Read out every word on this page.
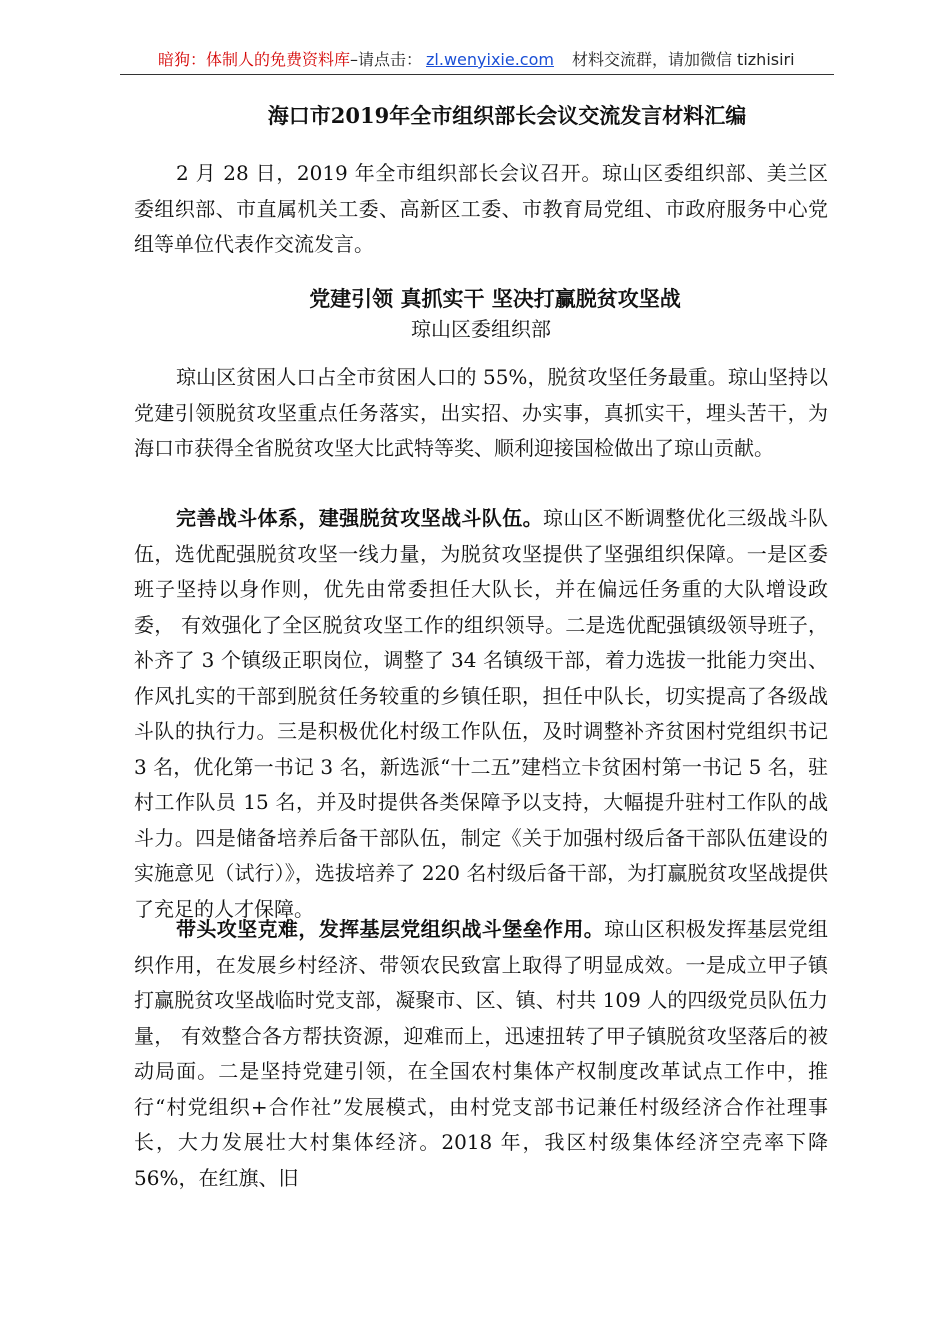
暗狗：体制人的免费资料库–请点击： zl.wenyixie.com 材料交流群，请加微信 tizhisiri
海口市2019年全市组织部长会议交流发言材料汇编

2 月 28 日，2019 年全市组织部长会议召开。琼山区委组织部、美兰区委组织部、市直属机关工委、高新区工委、市教育局党组、市政府服务中心党组等单位代表作交流发言。

党建引领 真抓实干 坚决打赢脱贫攻坚战
琼山区委组织部

琼山区贫困人口占全市贫困人口的 55%，脱贫攻坚任务最重。琼山坚持以党建引领脱贫攻坚重点任务落实，出实招、办实事，真抓实干，埋头苦干，为海口市获得全省脱贫攻坚大比武特等奖、顺利迎接国检做出了琼山贡献。

完善战斗体系，建强脱贫攻坚战斗队伍。琼山区不断调整优化三级战斗队伍，选优配强脱贫攻坚一线力量，为脱贫攻坚提供了坚强组织保障。一是区委班子坚持以身作则，优先由常委担任大队长，并在偏远任务重的大队增设政委， 有效强化了全区脱贫攻坚工作的组织领导。二是选优配强镇级领导班子，补齐了 3 个镇级正职岗位，调整了 34 名镇级干部，着力选拔一批能力突出、作风扎实的干部到脱贫任务较重的乡镇任职，担任中队长，切实提高了各级战斗队的执行力。三是积极优化村级工作队伍，及时调整补齐贫困村党组织书记 3 名，优化第一书记 3 名，新选派“十二五”建档立卡贫困村第一书记 5 名，驻村工作队员 15 名，并及时提供各类保障予以支持，大幅提升驻村工作队的战斗力。四是储备培养后备干部队伍，制定《关于加强村级后备干部队伍建设的实施意见（试行）》，选拔培养了 220 名村级后备干部，为打赢脱贫攻坚战提供了充足的人才保障。

带头攻坚克难，发挥基层党组织战斗堡垒作用。琼山区积极发挥基层党组织作用，在发展乡村经济、带领农民致富上取得了明显成效。一是成立甲子镇打赢脱贫攻坚战临时党支部，凝聚市、区、镇、村共 109 人的四级党员队伍力量， 有效整合各方帮扶资源，迎难而上，迅速扭转了甲子镇脱贫攻坚落后的被动局面。二是坚持党建引领，在全国农村集体产权制度改革试点工作中，推行“村党组织+合作社”发展模式，由村党支部书记兼任村级经济合作社理事长，大力发展壮大村集体经济。2018 年，我区村级集体经济空壳率下降 56%，在红旗、旧
